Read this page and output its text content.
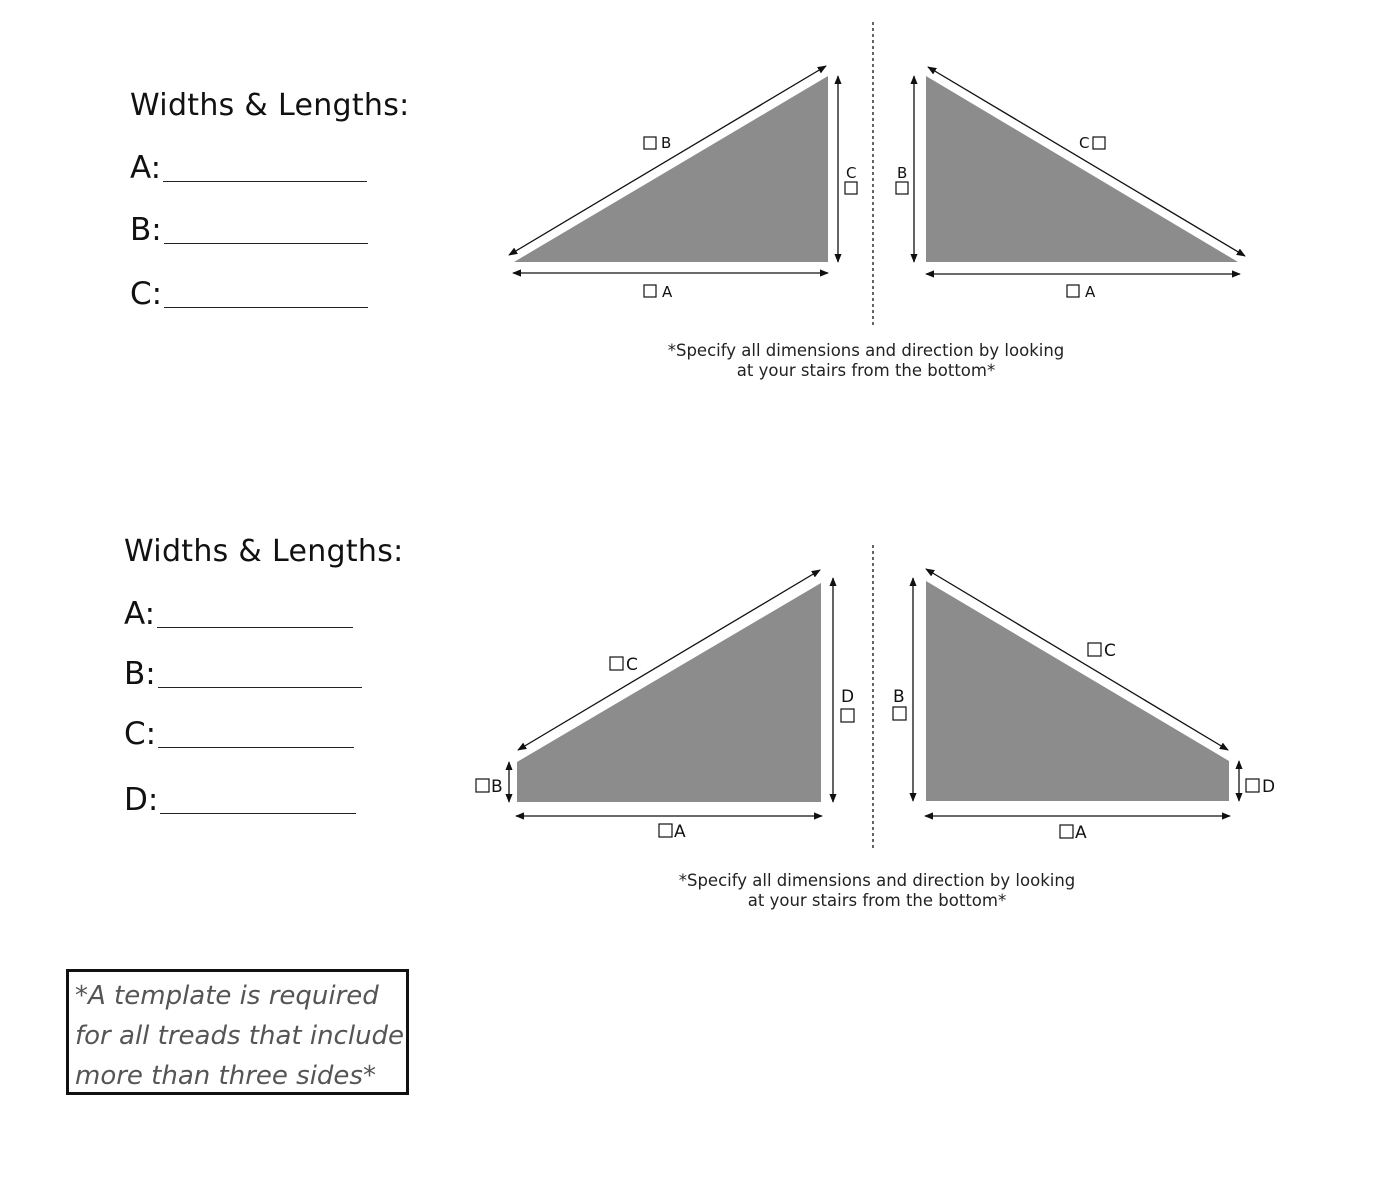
Widths & Lengths:
A:
B:
C:
Widths & Lengths:
A:
B:
C:
D:
A
B
C
A
C
B
*Specify all dimensions and direction by looking
at your stairs from the bottom*
A
C
D
B
A
C
B
D
*Specify all dimensions and direction by looking
at your stairs from the bottom*

*A template is required

for all treads that include

more than three sides*
